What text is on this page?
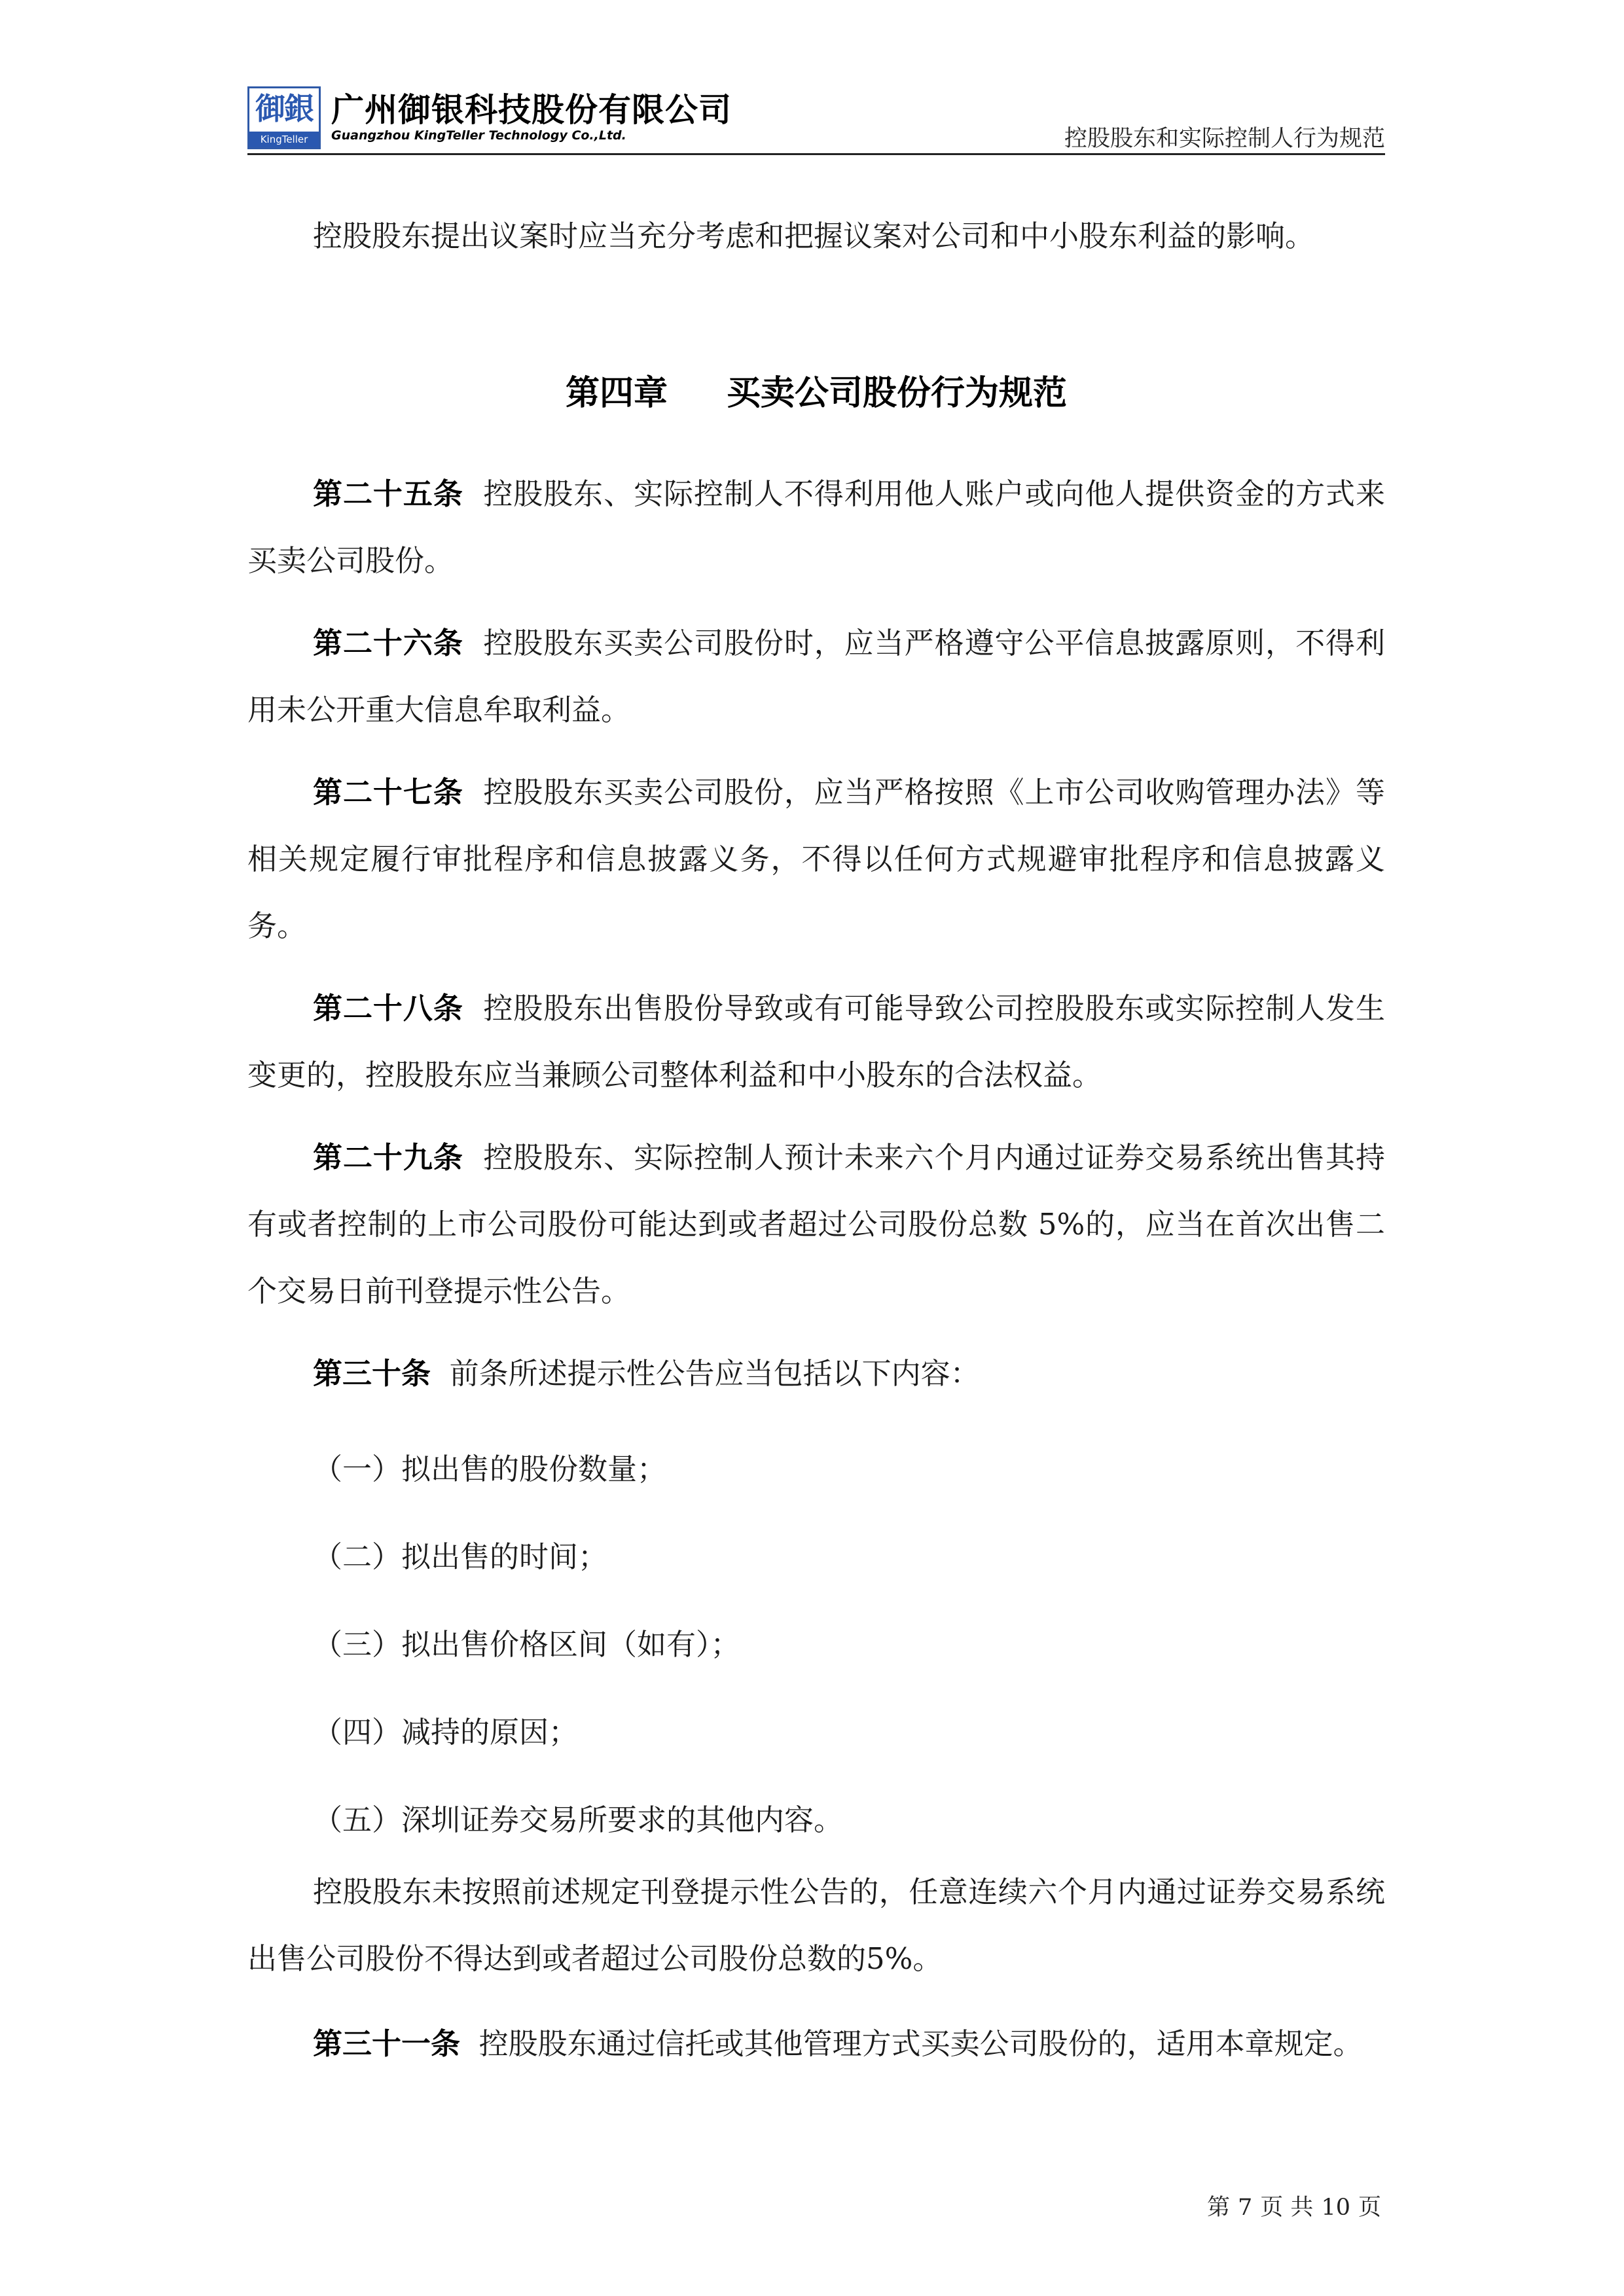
御銀
KingTeller
广州御银科技股份有限公司
Guangzhou KingTeller Technology Co.,Ltd.	控股股东和实际控制人行为规范

控股股东提出议案时应当充分考虑和把握议案对公司和中小股东利益的影响。

第四章 买卖公司股份行为规范

第二十五条 控股股东、实际控制人不得利用他人账户或向他人提供资金的方式来买卖公司股份。

第二十六条 控股股东买卖公司股份时，应当严格遵守公平信息披露原则，不得利用未公开重大信息牟取利益。

第二十七条 控股股东买卖公司股份，应当严格按照《上市公司收购管理办法》等相关规定履行审批程序和信息披露义务，不得以任何方式规避审批程序和信息披露义务。

第二十八条 控股股东出售股份导致或有可能导致公司控股股东或实际控制人发生变更的，控股股东应当兼顾公司整体利益和中小股东的合法权益。

第二十九条 控股股东、实际控制人预计未来六个月内通过证券交易系统出售其持有或者控制的上市公司股份可能达到或者超过公司股份总数 5%的，应当在首次出售二个交易日前刊登提示性公告。

第三十条 前条所述提示性公告应当包括以下内容：

（一）拟出售的股份数量；

（二）拟出售的时间；

（三）拟出售价格区间（如有）；

（四）减持的原因；

（五）深圳证券交易所要求的其他内容。

控股股东未按照前述规定刊登提示性公告的，任意连续六个月内通过证券交易系统出售公司股份不得达到或者超过公司股份总数的5%。

第三十一条 控股股东通过信托或其他管理方式买卖公司股份的，适用本章规定。

第 7 页 共 10 页
